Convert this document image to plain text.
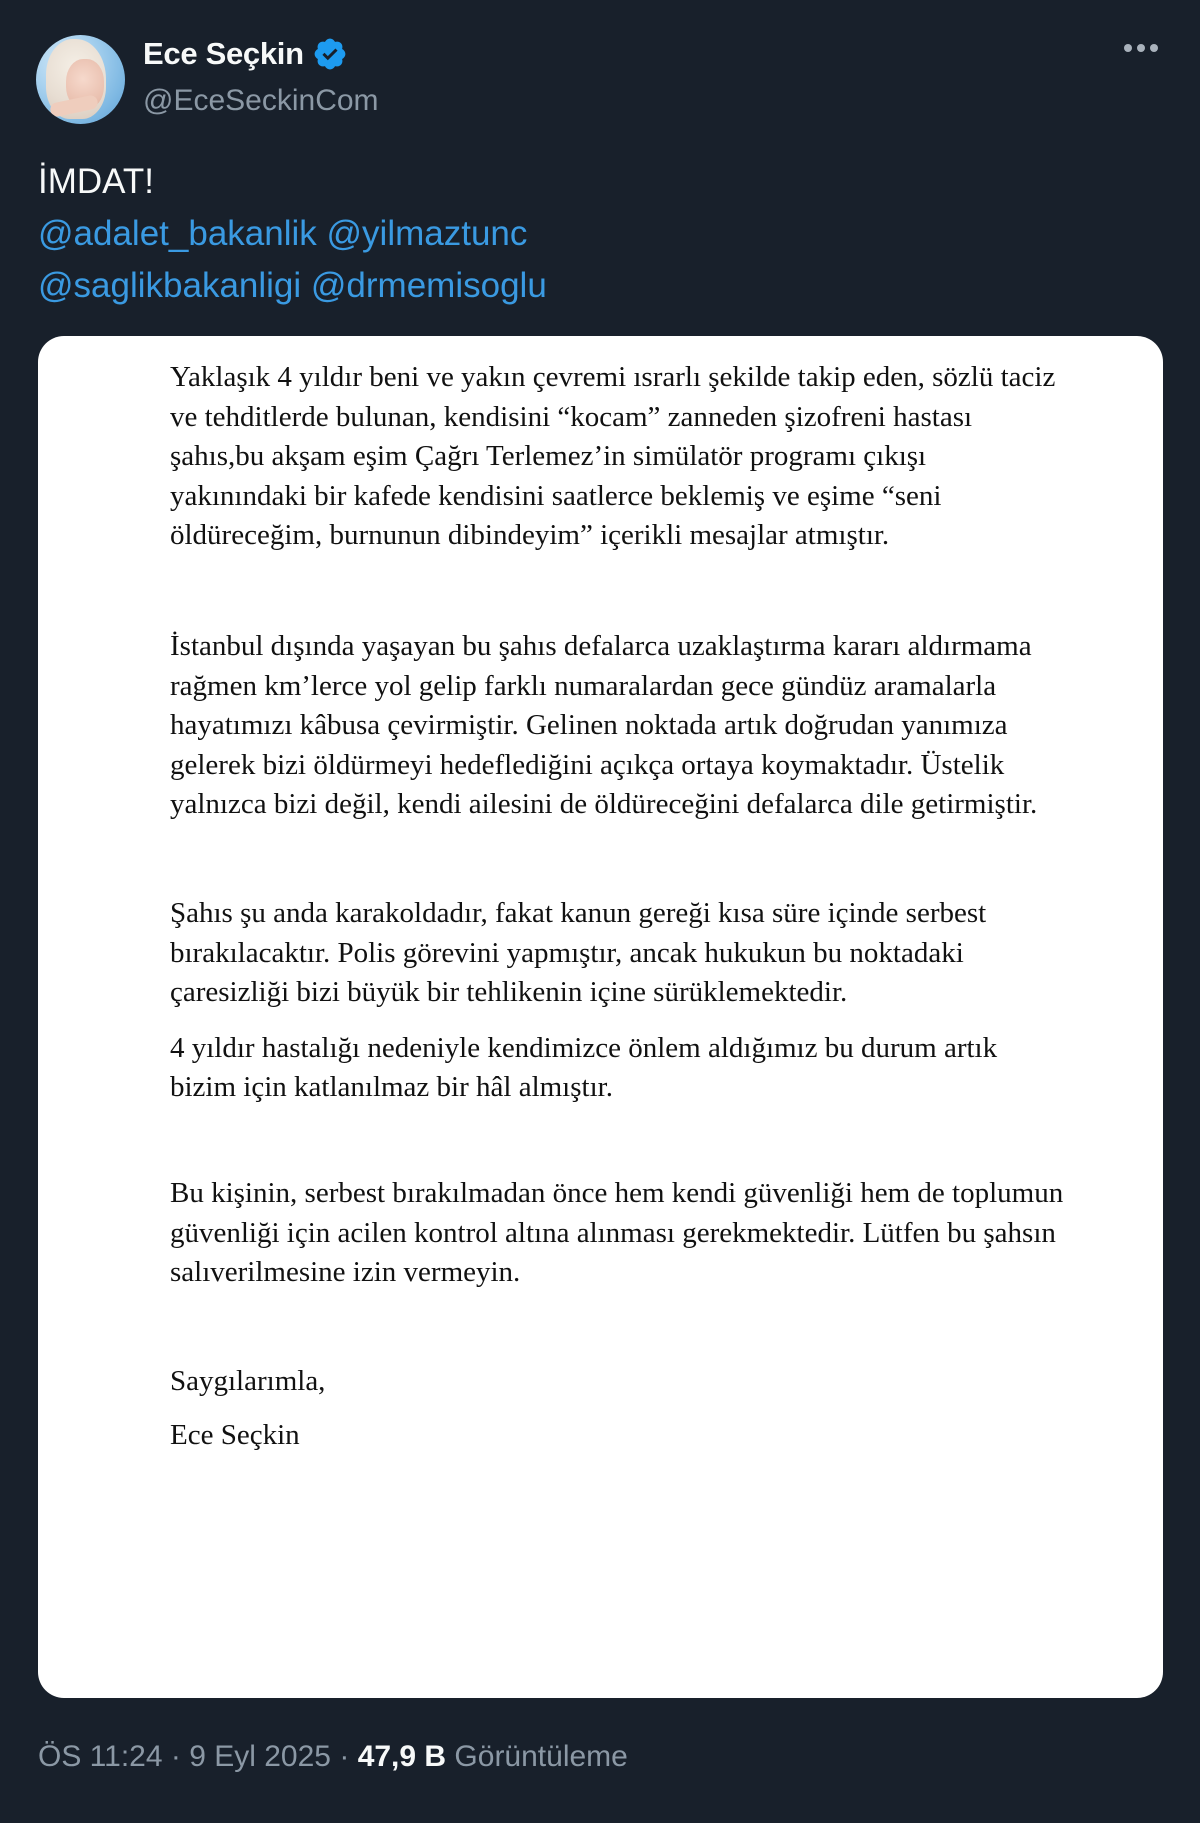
Ece Seçkin
@EceSeckinCom
İMDAT!
@adalet_bakanlik @yilmaztunc
@saglikbakanligi @drmemisoglu

Yaklaşık 4 yıldır beni ve yakın çevremi ısrarlı şekilde takip eden, sözlü taciz ve tehditlerde bulunan, kendisini “kocam” zanneden şizofreni hastası şahıs,bu akşam eşim Çağrı Terlemez’in simülatör programı çıkışı yakınındaki bir kafede kendisini saatlerce beklemiş ve eşime “seni öldüreceğim, burnunun dibindeyim” içerikli mesajlar atmıştır.

İstanbul dışında yaşayan bu şahıs defalarca uzaklaştırma kararı aldırmama rağmen km’lerce yol gelip farklı numaralardan gece gündüz aramalarla hayatımızı kâbusa çevirmiştir. Gelinen noktada artık doğrudan yanımıza gelerek bizi öldürmeyi hedeflediğini açıkça ortaya koymaktadır. Üstelik yalnızca bizi değil, kendi ailesini de öldüreceğini defalarca dile getirmiştir.

Şahıs şu anda karakoldadır, fakat kanun gereği kısa süre içinde serbest bırakılacaktır. Polis görevini yapmıştır, ancak hukukun bu noktadaki çaresizliği bizi büyük bir tehlikenin içine sürüklemektedir.

4 yıldır hastalığı nedeniyle kendimizce önlem aldığımız bu durum artık bizim için katlanılmaz bir hâl almıştır.

Bu kişinin, serbest bırakılmadan önce hem kendi güvenliği hem de toplumun güvenliği için acilen kontrol altına alınması gerekmektedir. Lütfen bu şahsın salıverilmesine izin vermeyin.

Saygılarımla,

Ece Seçkin

ÖS 11:24 · 9 Eyl 2025 · 47,9 B Görüntüleme
